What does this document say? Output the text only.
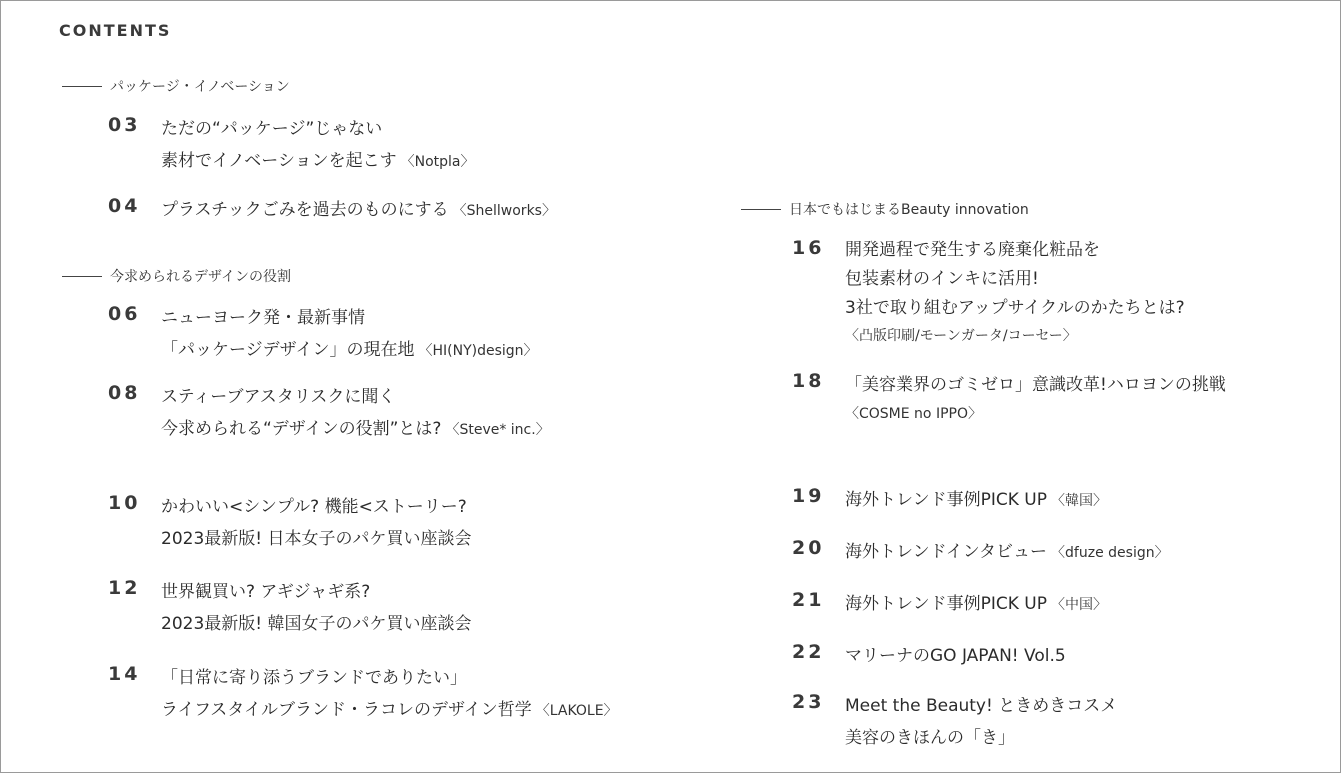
CONTENTS
パッケージ・イノベーション
今求められるデザインの役割
日本でもはじまるBeauty innovation
03 ただの“パッケージ”じゃない
素材でイノベーションを起こす 〈Notpla〉
04 プラスチックごみを過去のものにする 〈Shellworks〉
06 ニューヨーク発・最新事情
「パッケージデザイン」の現在地 〈HI(NY)design〉
08 スティーブアスタリスクに聞く
今求められる“デザインの役割”とは? 〈Steve* inc.〉
10 かわいい<シンプル? 機能<ストーリー?
2023最新版! 日本女子のパケ買い座談会
12 世界観買い? アギジャギ系?
2023最新版! 韓国女子のパケ買い座談会
14 「日常に寄り添うブランドでありたい」
ライフスタイルブランド・ラコレのデザイン哲学 〈LAKOLE〉
16 開発過程で発生する廃棄化粧品を
包装素材のインキに活用!
3社で取り組むアップサイクルのかたちとは?
〈凸版印刷/モーンガータ/コーセー〉
18 「美容業界のゴミゼロ」意識改革!ハロヨンの挑戦
〈COSME no IPPO〉
19 海外トレンド事例PICK UP 〈韓国〉
20 海外トレンドインタビュー 〈dfuze design〉
21 海外トレンド事例PICK UP 〈中国〉
22 マリーナのGO JAPAN! Vol.5
23 Meet the Beauty! ときめきコスメ
美容のきほんの「き」
